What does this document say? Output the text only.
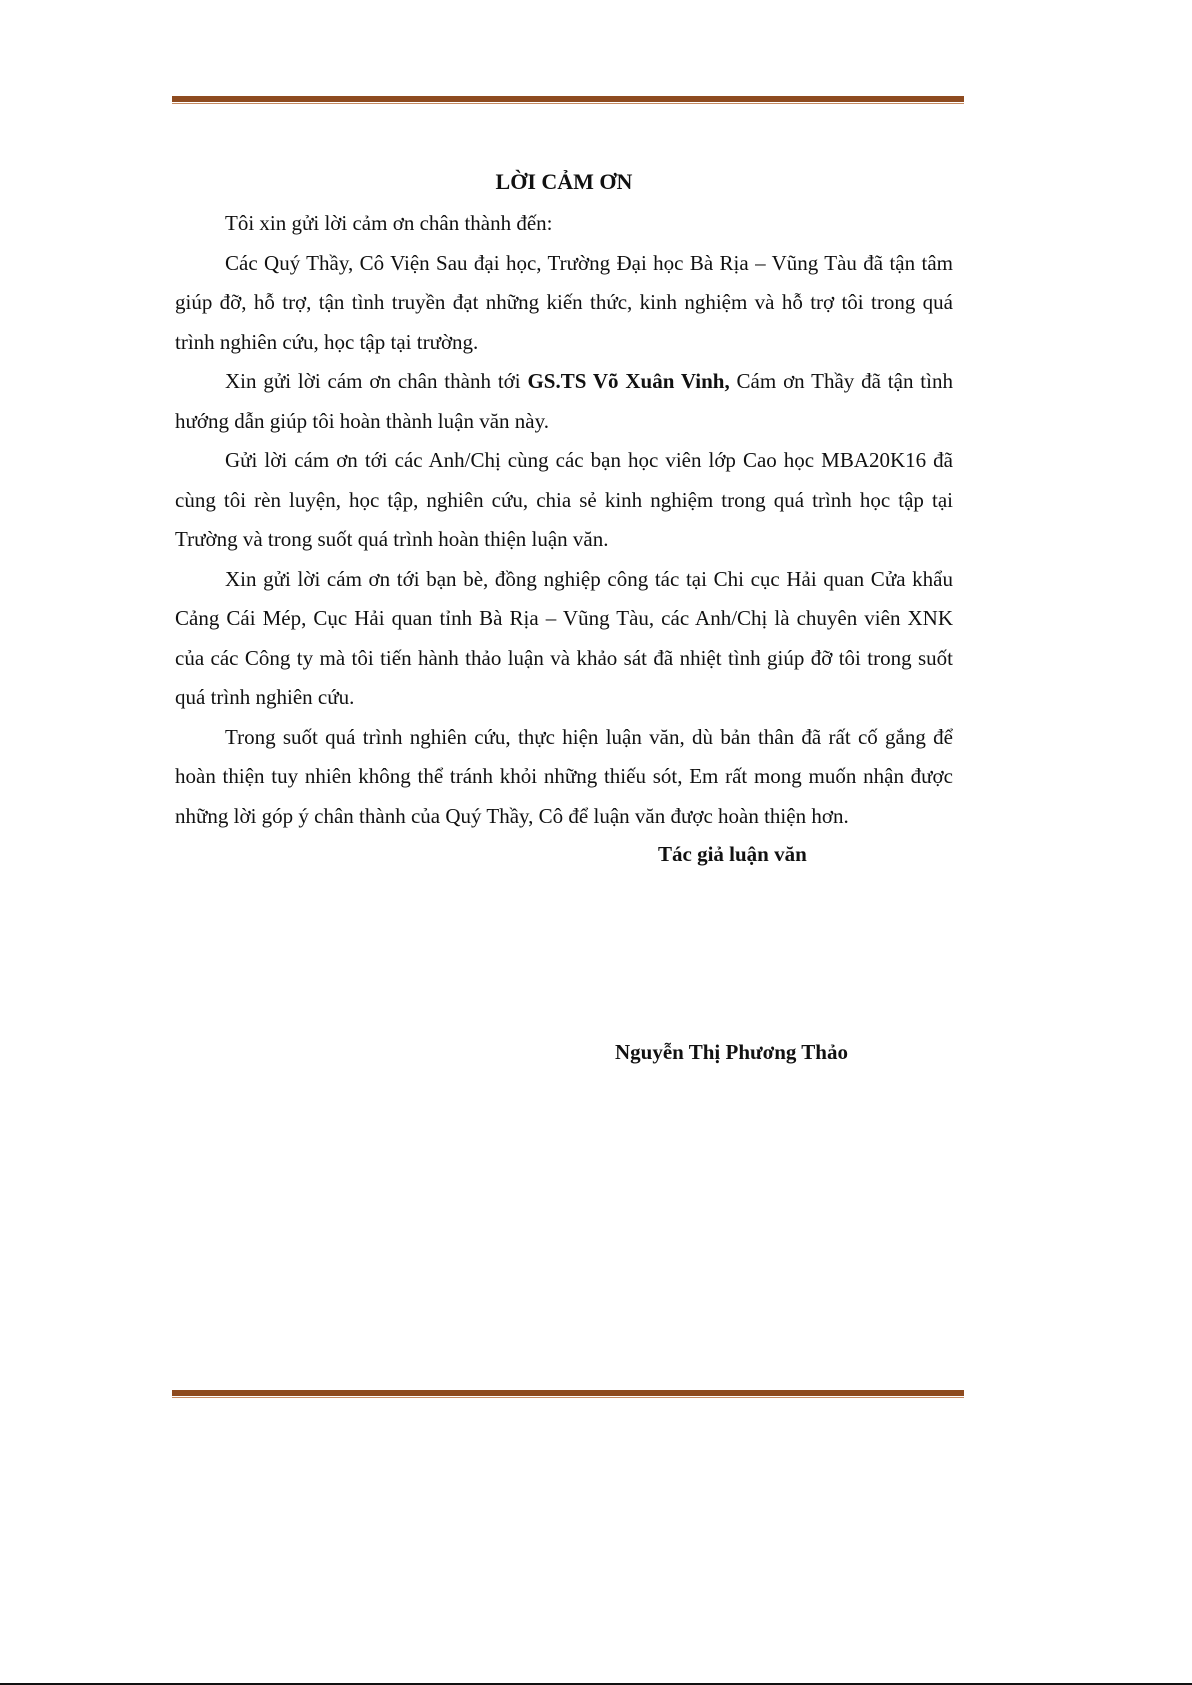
LỜI CẢM ƠN

Tôi xin gửi lời cảm ơn chân thành đến:

Các Quý Thầy, Cô Viện Sau đại học, Trường Đại học Bà Rịa – Vũng Tàu đã tận tâm giúp đỡ, hỗ trợ, tận tình truyền đạt những kiến thức, kinh nghiệm và hỗ trợ tôi trong quá trình nghiên cứu, học tập tại trường.

Xin gửi lời cám ơn chân thành tới GS.TS Võ Xuân Vinh, Cám ơn Thầy đã tận tình hướng dẫn giúp tôi hoàn thành luận văn này.

Gửi lời cám ơn tới các Anh/Chị cùng các bạn học viên lớp Cao học MBA20K16 đã cùng tôi rèn luyện, học tập, nghiên cứu, chia sẻ kinh nghiệm trong quá trình học tập tại Trường và trong suốt quá trình hoàn thiện luận văn.

Xin gửi lời cám ơn tới bạn bè, đồng nghiệp công tác tại Chi cục Hải quan Cửa khẩu Cảng Cái Mép, Cục Hải quan tỉnh Bà Rịa – Vũng Tàu, các Anh/Chị là chuyên viên XNK của các Công ty mà tôi tiến hành thảo luận và khảo sát đã nhiệt tình giúp đỡ tôi trong suốt quá trình nghiên cứu.

Trong suốt quá trình nghiên cứu, thực hiện luận văn, dù bản thân đã rất cố gắng để hoàn thiện tuy nhiên không thể tránh khỏi những thiếu sót, Em rất mong muốn nhận được những lời góp ý chân thành của Quý Thầy, Cô để luận văn được hoàn thiện hơn.

Tác giả luận văn
Nguyễn Thị Phương Thảo
